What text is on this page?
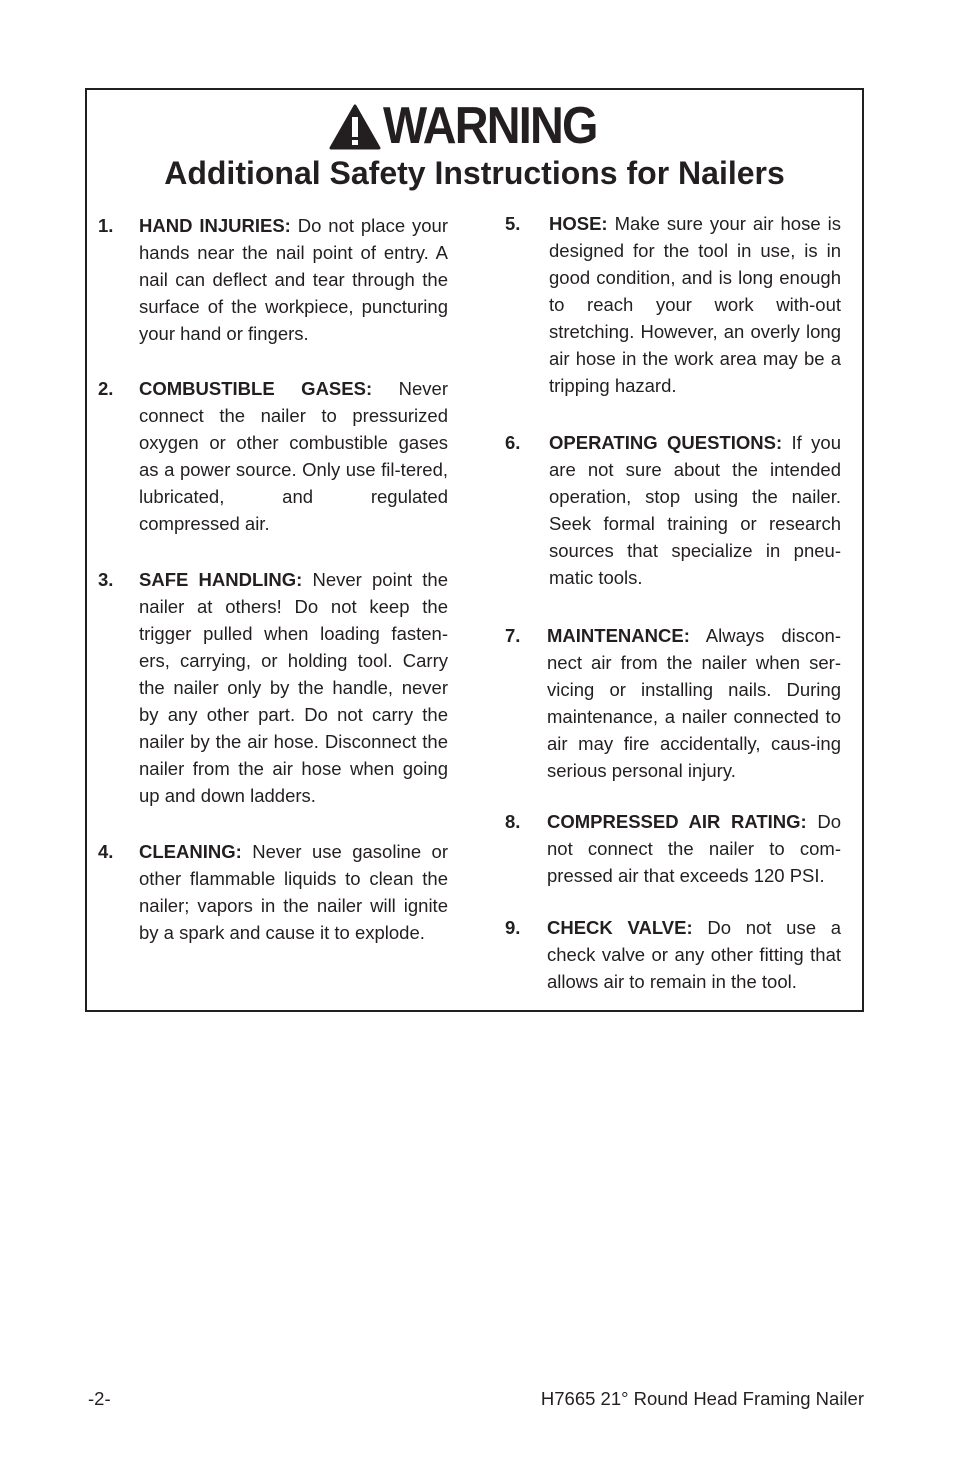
WARNING
Additional Safety Instructions for Nailers
1. HAND INJURIES: Do not place your hands near the nail point of entry. A nail can deflect and tear through the surface of the workpiece, puncturing your hand or fingers.
2. COMBUSTIBLE GASES: Never connect the nailer to pressurized oxygen or other combustible gases as a power source. Only use fil-tered, lubricated, and regulated compressed air.
3. SAFE HANDLING: Never point the nailer at others! Do not keep the trigger pulled when loading fasten-ers, carrying, or holding tool. Carry the nailer only by the handle, never by any other part. Do not carry the nailer by the air hose. Disconnect the nailer from the air hose when going up and down ladders.
4. CLEANING: Never use gasoline or other flammable liquids to clean the nailer; vapors in the nailer will ignite by a spark and cause it to explode.
5. HOSE: Make sure your air hose is designed for the tool in use, is in good condition, and is long enough to reach your work with-out stretching. However, an overly long air hose in the work area may be a tripping hazard.
6. OPERATING QUESTIONS: If you are not sure about the intended operation, stop using the nailer. Seek formal training or research sources that specialize in pneu-matic tools.
7. MAINTENANCE: Always discon-nect air from the nailer when ser-vicing or installing nails. During maintenance, a nailer connected to air may fire accidentally, caus-ing serious personal injury.
8. COMPRESSED AIR RATING: Do not connect the nailer to com-pressed air that exceeds 120 PSI.
9. CHECK VALVE: Do not use a check valve or any other fitting that allows air to remain in the tool.
-2-	H7665 21° Round Head Framing Nailer
